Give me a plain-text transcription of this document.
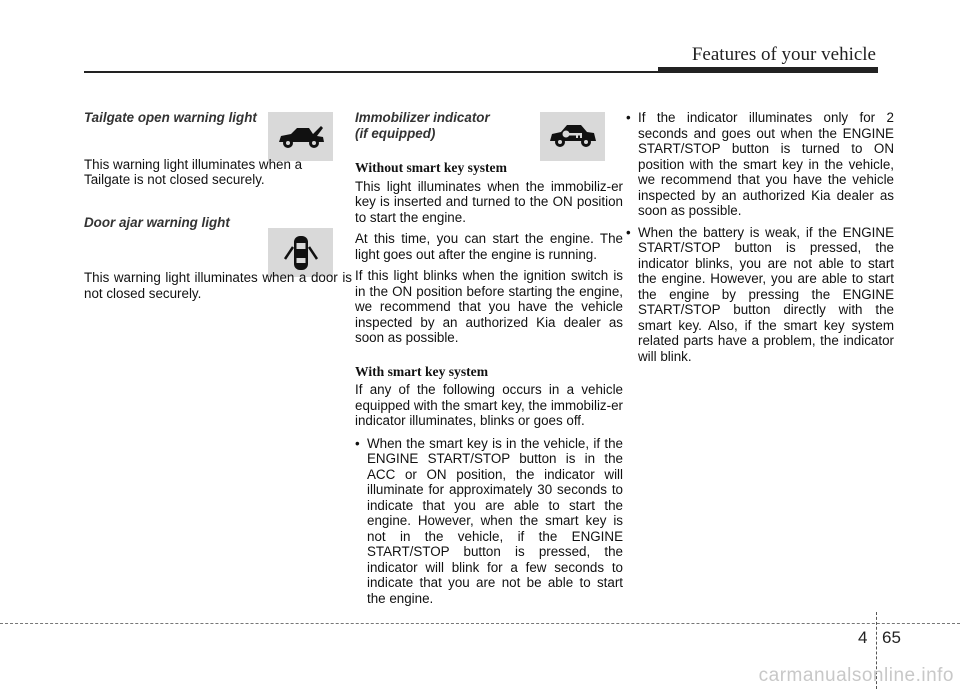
Features of your vehicle

Tailgate open warning light

This warning light illuminates when a Tailgate is not closed securely.

Door ajar warning light

This warning light illuminates when a door is not closed securely.

Immobilizer indicator
(if equipped)

Without smart key system

This light illuminates when the immobiliz-er key is inserted and turned to the ON position to start the engine.

At this time, you can start the engine. The light goes out after the engine is running.

If this light blinks when the ignition switch is in the ON position before starting the engine, we recommend that you have the vehicle inspected by an authorized Kia dealer as soon as possible.

With smart key system

If any of the following occurs in a vehicle equipped with the smart key, the immobiliz-er indicator illuminates, blinks or goes off.

• When the smart key is in the vehicle, if the ENGINE START/STOP button is in the ACC or ON position, the indicator will illuminate for approximately 30 seconds to indicate that you are able to start the engine. However, when the smart key is not in the vehicle, if the ENGINE START/STOP button is pressed, the indicator will blink for a few seconds to indicate that you are not be able to start the engine.
• If the indicator illuminates only for 2 seconds and goes out when the ENGINE START/STOP button is turned to ON position with the smart key in the vehicle, we recommend that you have the vehicle inspected by an authorized Kia dealer as soon as possible.
• When the battery is weak, if the ENGINE START/STOP button is pressed, the indicator blinks, you are not able to start the engine. However, you are able to start the engine by pressing the ENGINE START/STOP button directly with the smart key. Also, if the smart key system related parts have a problem, the indicator will blink.
4 65
carmanualsonline.info
